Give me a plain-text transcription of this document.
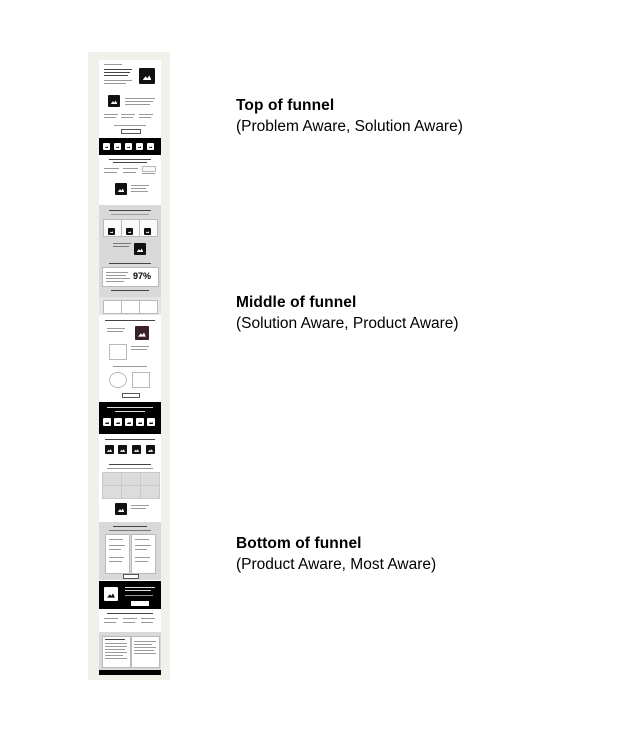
97%
Top of funnel
(Problem Aware, Solution Aware)
Middle of funnel
(Solution Aware, Product Aware)
Bottom of funnel
(Product Aware, Most Aware)
